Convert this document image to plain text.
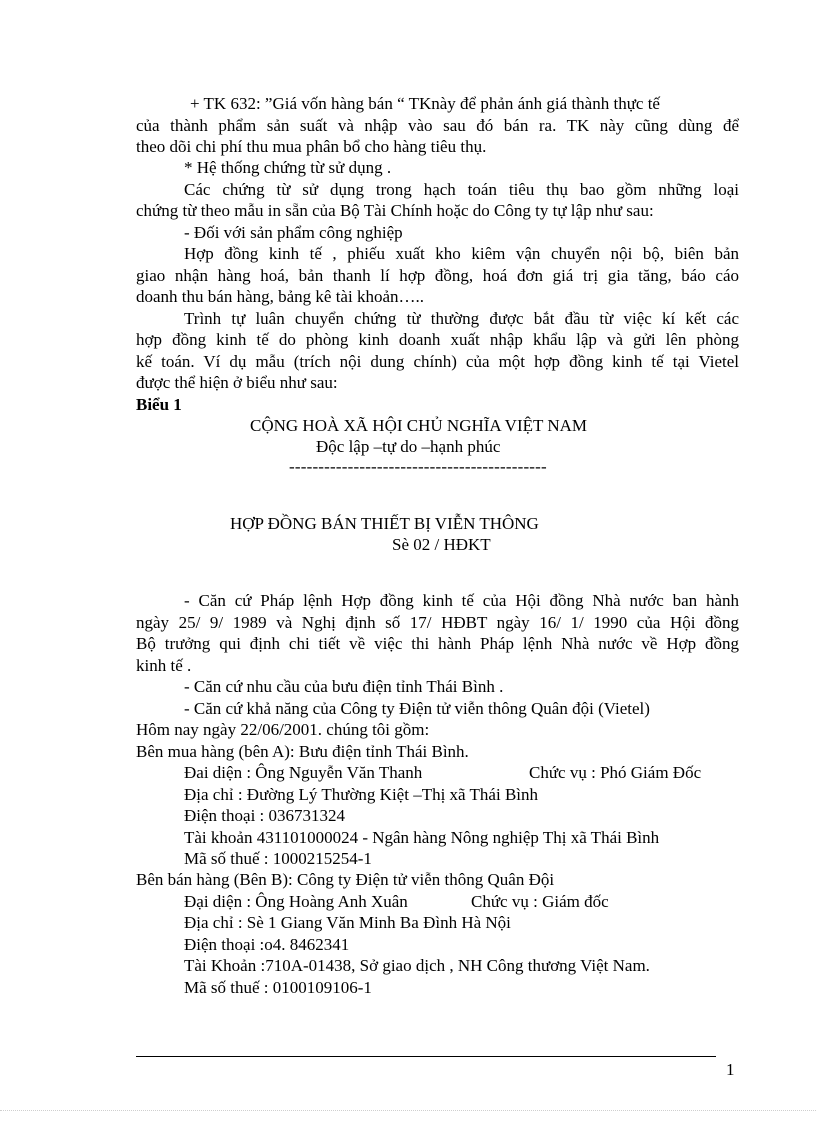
+ TK 632: ”Giá vốn hàng bán “ TKnày để phản ánh giá thành thực tế
của thành phẩm sản suất và nhập vào sau đó bán ra. TK này cũng dùng để
theo dõi chi phí thu mua phân bổ cho hàng tiêu thụ.
* Hệ thống chứng từ sử dụng .
Các chứng từ sử dụng trong hạch toán tiêu thụ bao gồm những loại
chứng từ theo mẫu in sẵn của Bộ Tài Chính hoặc do Công ty tự lập như sau:
- Đối với sản phẩm công nghiệp
Hợp đồng kinh tế , phiếu xuất kho kiêm vận chuyển nội bộ, biên bản
giao nhận hàng hoá, bản thanh lí hợp đồng, hoá đơn giá trị gia tăng, báo cáo
doanh thu bán hàng, bảng kê tài khoản…..
Trình tự luân chuyển chứng từ thường được bắt đầu từ việc kí kết các
hợp đồng kinh tế do phòng kinh doanh xuất nhập khẩu lập và gửi lên phòng
kế toán. Ví dụ mẫu (trích nội dung chính) của một hợp đồng kinh tế tại Vietel
được thể hiện ở biểu như sau:
Biểu 1
CỘNG HOÀ XÃ HỘI CHỦ NGHĨA VIỆT NAM
Độc lập –tự do –hạnh phúc
--------------------------------------------
HỢP ĐỒNG BÁN THIẾT BỊ VIỄN THÔNG
Sè 02 / HĐKT
- Căn cứ Pháp lệnh Hợp đồng kinh tế của Hội đồng Nhà nước ban hành
ngày 25/ 9/ 1989 và Nghị định số 17/ HĐBT ngày 16/ 1/ 1990 của Hội đồng
Bộ trưởng qui định chi tiết về việc thi hành Pháp lệnh Nhà nước về Hợp đồng
kinh tế .
- Căn cứ nhu cầu của bưu điện tỉnh Thái Bình .
- Căn cứ khả năng của Công ty Điện tử viễn thông Quân đội (Vietel)
Hôm nay ngày 22/06/2001. chúng tôi gồm:
Bên mua hàng (bên A): Bưu điện tỉnh Thái Bình.
Đai diện : Ông Nguyễn Văn Thanh	Chức vụ : Phó Giám Đốc
Địa chỉ : Đường Lý Thường Kiệt –Thị xã Thái Bình
Điện thoại : 036731324
Tài khoản 431101000024 - Ngân hàng Nông nghiệp Thị xã Thái Bình
Mã số thuế : 1000215254-1
Bên bán hàng (Bên B): Công ty Điện tử viễn thông Quân Đội
Đại diện : Ông Hoàng Anh Xuân	Chức vụ : Giám đốc
Địa chỉ : Sè 1 Giang Văn Minh Ba Đình Hà Nội
Điện thoại :o4. 8462341
Tài Khoản :710A-01438, Sở giao dịch , NH Công thương Việt Nam.
Mã số thuế : 0100109106-1
1
